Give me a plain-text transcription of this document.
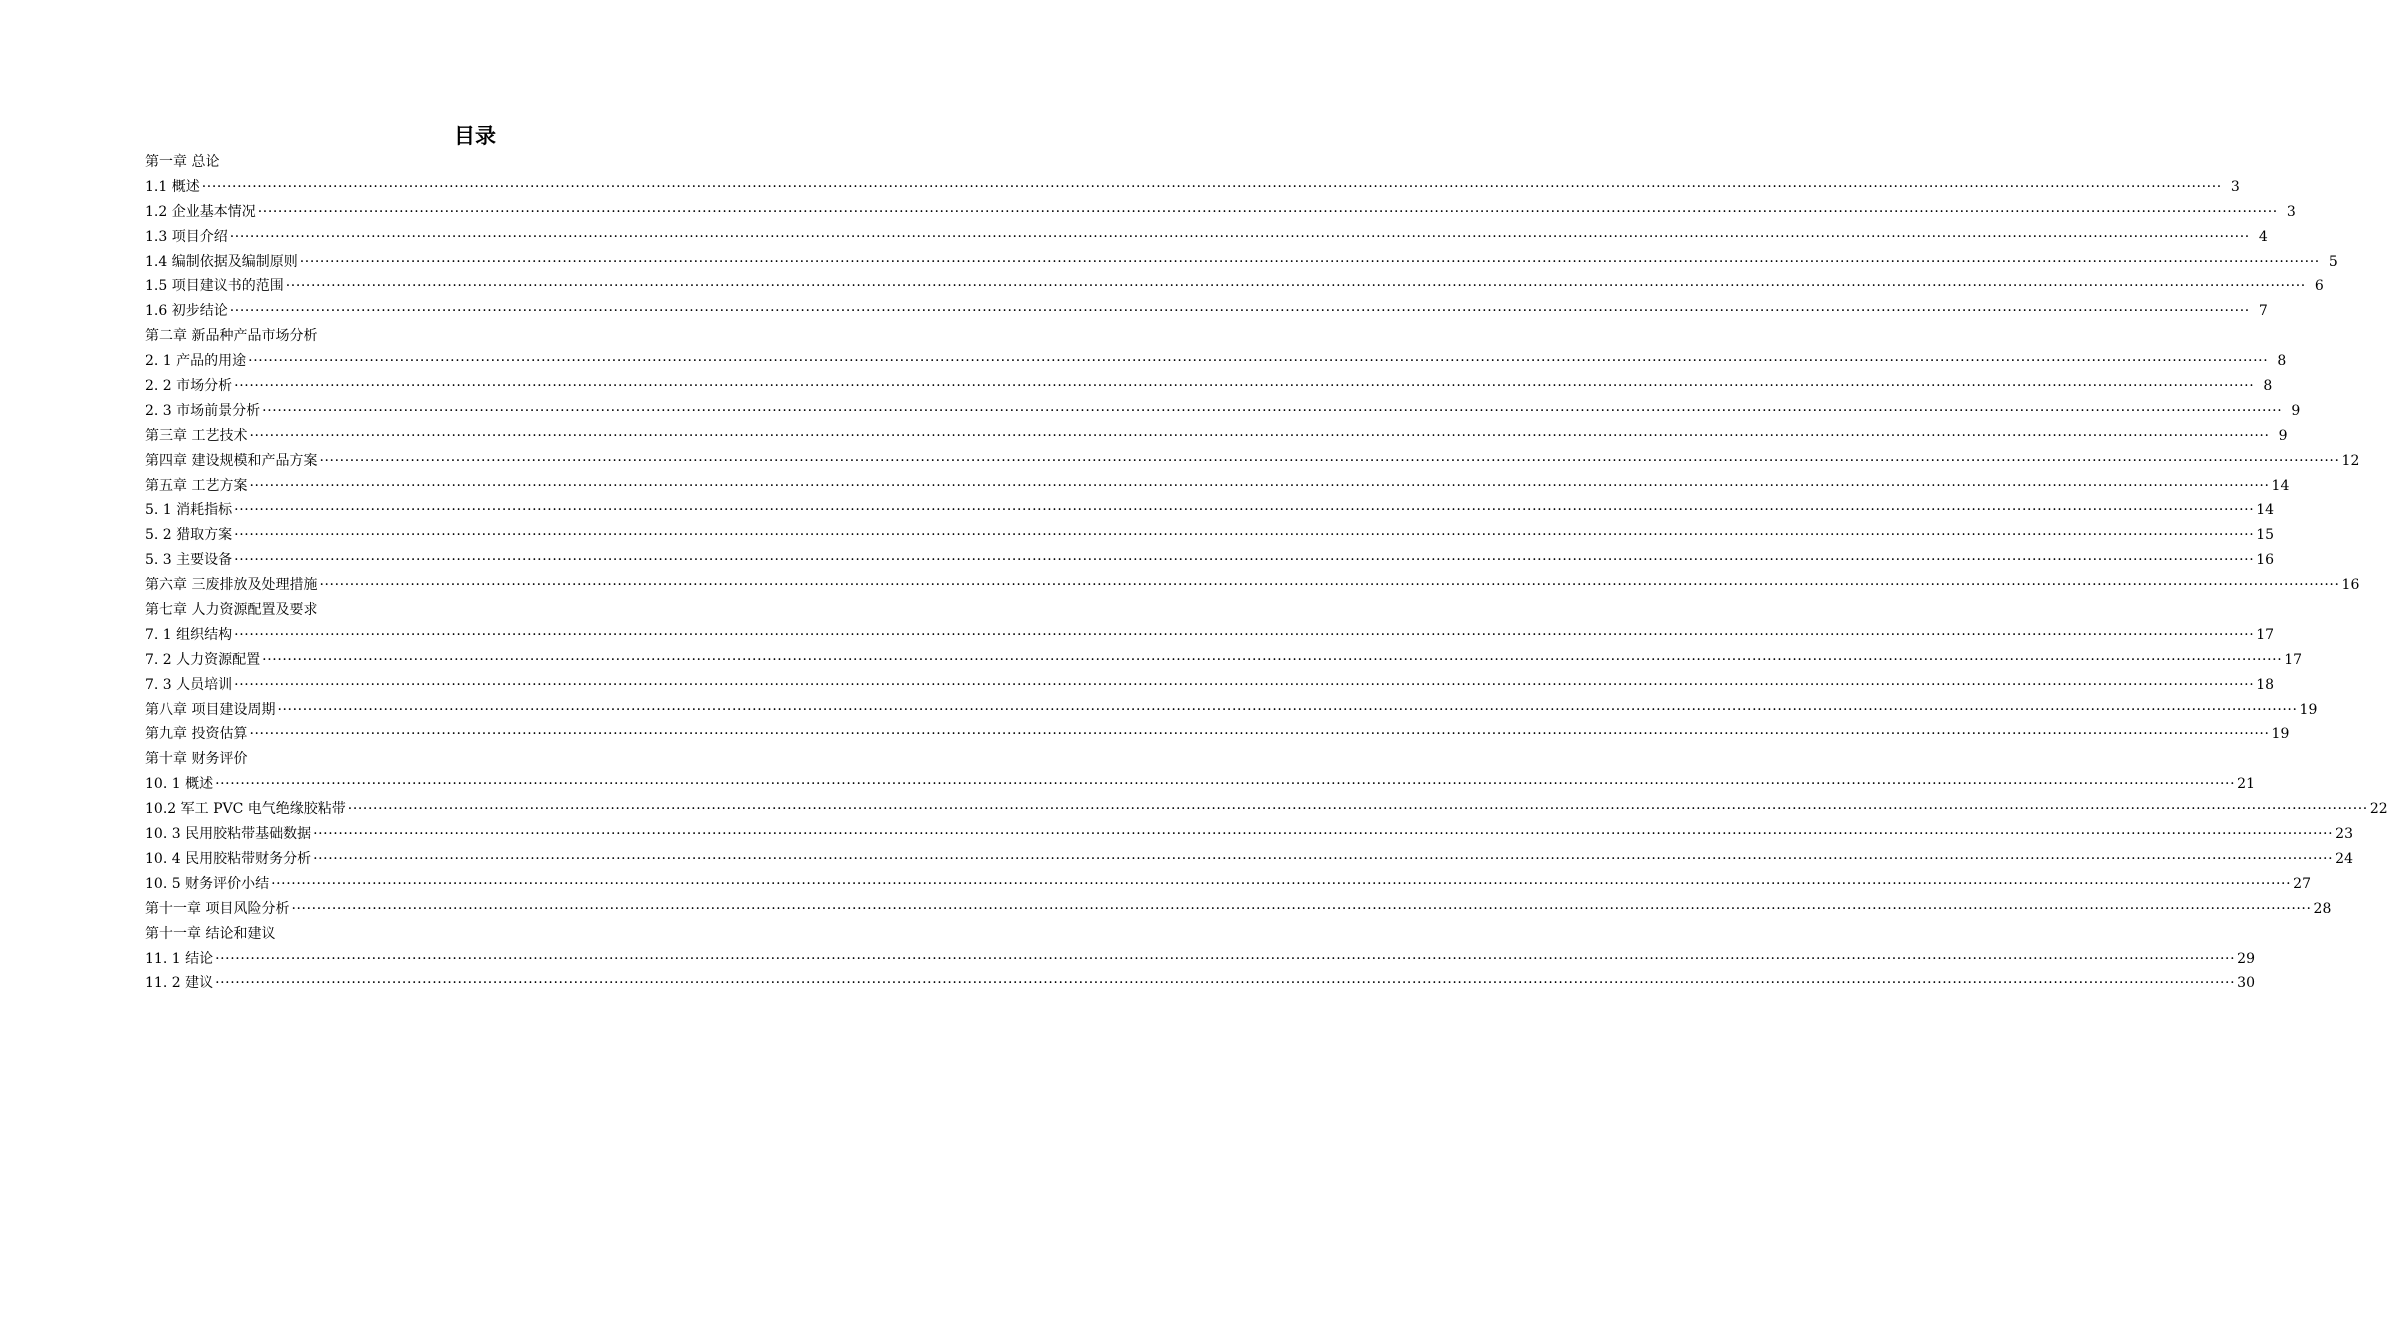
目录
第一章 总论
1.1 概述 ················································································································································································································································································································································································································ 3
1.2 企业基本情况 ················································································································································································································································································································································································································ 3
1.3 项目介绍 ················································································································································································································································································································································································································ 4
1.4 编制依据及编制原则 ················································································································································································································································································································································································································ 5
1.5 项目建议书的范围 ················································································································································································································································································································································································································ 6
1.6 初步结论 ················································································································································································································································································································································································································ 7
第二章 新品种产品市场分析
2. 1 产品的用途 ················································································································································································································································································································································································································ 8
2. 2 市场分析 ················································································································································································································································································································································································································ 8
2. 3 市场前景分析 ················································································································································································································································································································································································································ 9
第三章 工艺技术 ················································································································································································································································································································································································································ 9
第四章 建设规模和产品方案 ················································································································································································································································································································································································································ 12
第五章 工艺方案 ················································································································································································································································································································································································································ 14
5. 1 消耗指标 ················································································································································································································································································································································································································ 14
5. 2 猎取方案 ················································································································································································································································································································································································································ 15
5. 3 主要设备 ················································································································································································································································································································································································································ 16
第六章 三废排放及处理措施 ················································································································································································································································································································································································································ 16
第七章 人力资源配置及要求
7. 1 组织结构 ················································································································································································································································································································································································································ 17
7. 2 人力资源配置 ················································································································································································································································································································································································································ 17
7. 3 人员培训 ················································································································································································································································································································································································································ 18
第八章 项目建设周期 ················································································································································································································································································································································································································ 19
第九章 投资估算 ················································································································································································································································································································································································································ 19
第十章 财务评价
10. 1 概述 ················································································································································································································································································································································································································ 21
10.2 军工 PVC 电气绝缘胶粘带 ················································································································································································································································································································································································································ 22
10. 3 民用胶粘带基础数据 ················································································································································································································································································································································································································ 23
10. 4 民用胶粘带财务分析 ················································································································································································································································································································································································································ 24
10. 5 财务评价小结 ················································································································································································································································································································································································································ 27
第十一章 项目风险分析 ················································································································································································································································································································································································································ 28
第十一章 结论和建议
11. 1 结论 ················································································································································································································································································································································································································ 29
11. 2 建议 ················································································································································································································································································································································································································ 30
